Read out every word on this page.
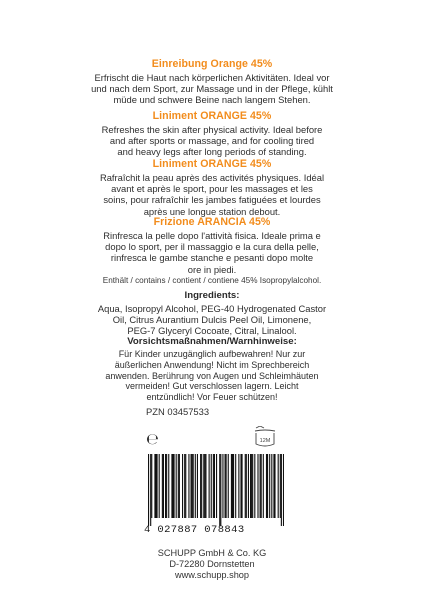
Einreibung Orange 45%
Erfrischt die Haut nach körperlichen Aktivitäten. Ideal vor
und nach dem Sport, zur Massage und in der Pflege, kühlt
müde und schwere Beine nach langem Stehen.
Liniment ORANGE 45%
Refreshes the skin after physical activity. Ideal before
and after sports or massage, and for cooling tired
and heavy legs after long periods of standing.
Liniment ORANGE 45%
Rafraîchit la peau après des activités physiques. Idéal
avant et après le sport, pour les massages et les
soins, pour rafraîchir les jambes fatiguées et lourdes
après une longue station debout.
Frizione ARANCIA 45%
Rinfresca la pelle dopo l'attività fisica. Ideale prima e
dopo lo sport, per il massaggio e la cura della pelle,
rinfresca le gambe stanche e pesanti dopo molte
ore in piedi.
Enthält / contains / contient / contiene 45% Isopropylalcohol.
Ingredients:
Aqua, Isopropyl Alcohol, PEG-40 Hydrogenated Castor
Oil, Citrus Aurantium Dulcis Peel Oil, Limonene,
PEG-7 Glyceryl Cocoate, Citral, Linalool.
Vorsichtsmaßnahmen/Warnhinweise:
Für Kinder unzugänglich aufbewahren! Nur zur
äußerlichen Anwendung! Nicht im Sprechbereich
anwenden. Berührung von Augen und Schleimhäuten
vermeiden! Gut verschlossen lagern. Leicht
entzündlich! Vor Feuer schützen!
PZN 03457533
℮	12M
4 027887 078843
SCHUPP GmbH & Co. KG
D-72280 Dornstetten
www.schupp.shop
